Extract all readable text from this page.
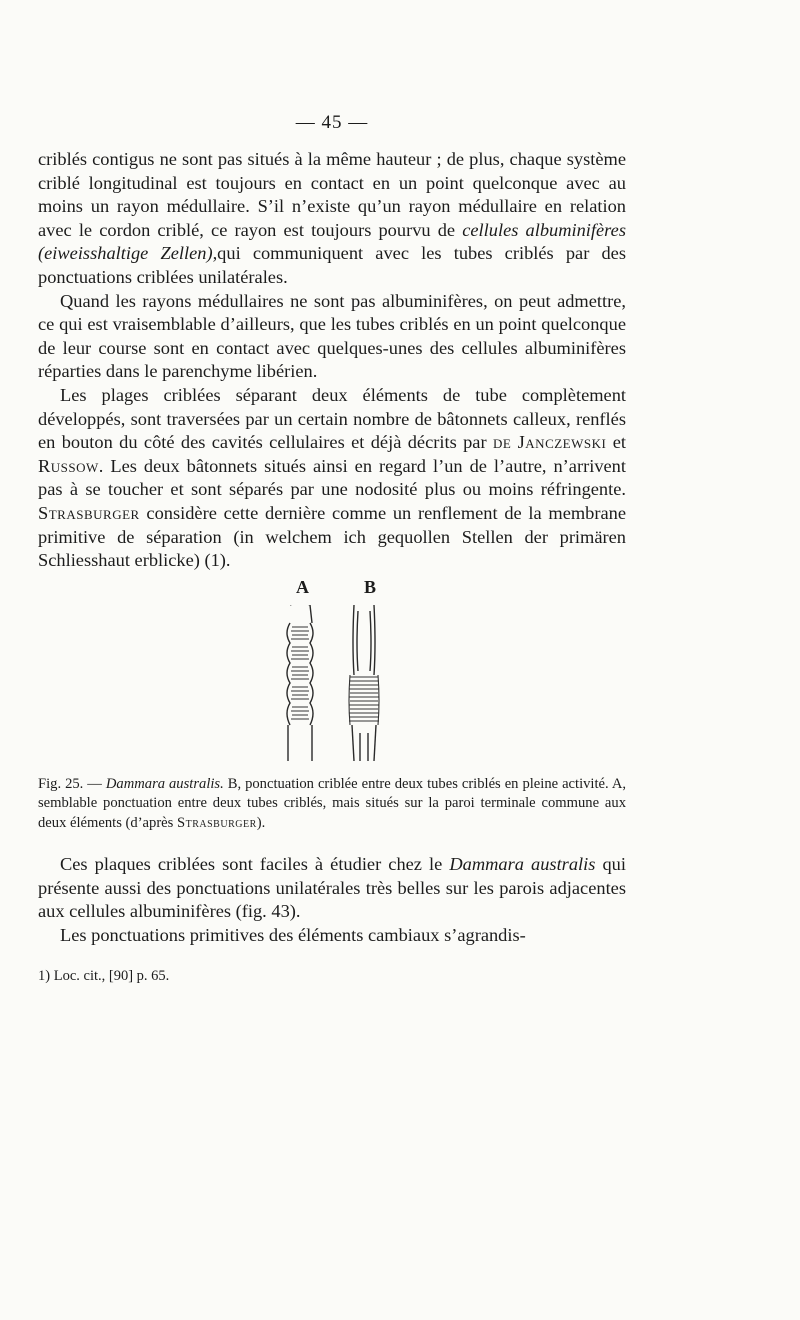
— 45 —

criblés contigus ne sont pas situés à la même hauteur ; de plus, chaque système criblé longitudinal est toujours en contact en un point quelconque avec au moins un rayon médullaire. S’il n’existe qu’un rayon médullaire en relation avec le cordon criblé, ce rayon est toujours pourvu de cellules albuminifères (eiweisshaltige Zellen),qui communiquent avec les tubes criblés par des ponctuations criblées unilatérales.

Quand les rayons médullaires ne sont pas albuminifères, on peut admettre, ce qui est vraisemblable d’ailleurs, que les tubes criblés en un point quelconque de leur course sont en contact avec quelques-unes des cellules albuminifères réparties dans le parenchyme libérien.

Les plages criblées séparant deux éléments de tube complètement développés, sont traversées par un certain nombre de bâtonnets calleux, renflés en bouton du côté des cavités cellulaires et déjà décrits par de Janczewski et Russow. Les deux bâtonnets situés ainsi en regard l’un de l’autre, n’arrivent pas à se toucher et sont séparés par une nodosité plus ou moins réfringente. Strasburger considère cette dernière comme un renflement de la membrane primitive de séparation (in welchem ich gequollen Stellen der primären Schliesshaut erblicke) (1).

A	B

Fig. 25. — Dammara australis. B, ponctuation criblée entre deux tubes criblés en pleine activité. A, semblable ponctuation entre deux tubes criblés, mais situés sur la paroi terminale commune aux deux éléments (d’après Strasburger).

Ces plaques criblées sont faciles à étudier chez le Dammara australis qui présente aussi des ponctuations unilatérales très belles sur les parois adjacentes aux cellules albuminifères (fig. 43).

Les ponctuations primitives des éléments cambiaux s’agrandis-

1) Loc. cit., [90] p. 65.
